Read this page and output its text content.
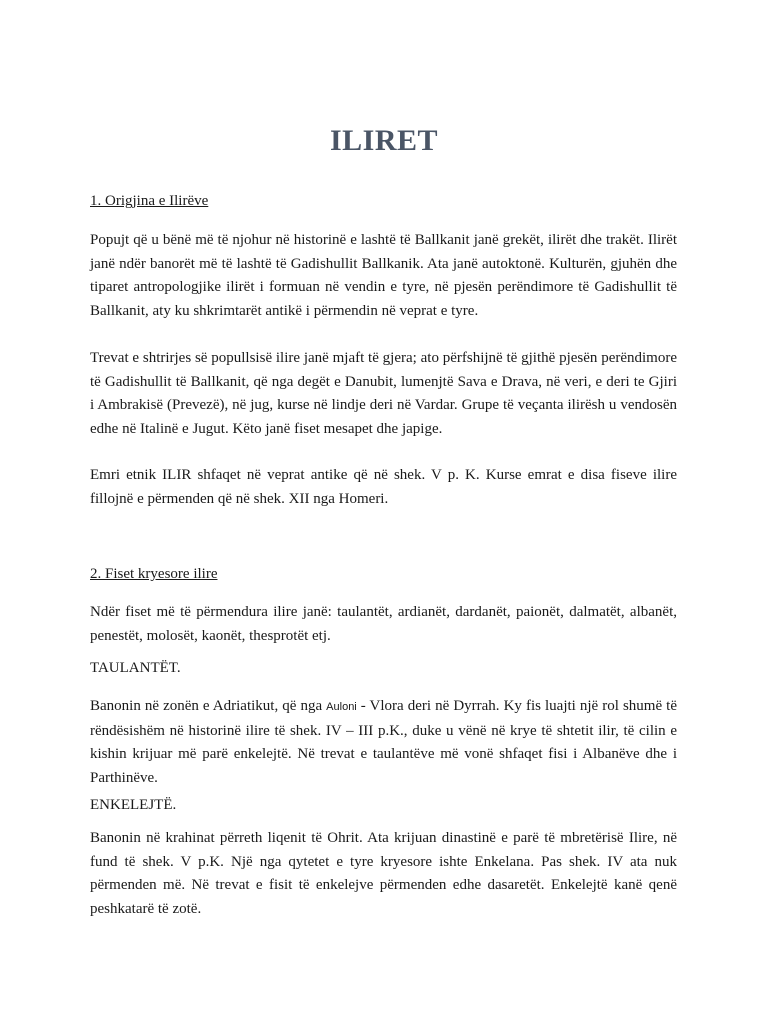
ILIRET

1. Origjina e Ilirëve

Popujt që u bënë më të njohur në historinë e lashtë të Ballkanit janë grekët, ilirët dhe trakët. Ilirët janë ndër banorët më të lashtë të Gadishullit Ballkanik. Ata janë autoktonë. Kulturën, gjuhën dhe tiparet antropologjike ilirët i formuan në vendin e tyre, në pjesën perëndimore të Gadishullit të Ballkanit, aty ku shkrimtarët antikë i përmendin në veprat e tyre.

Trevat e shtrirjes së popullsisë ilire janë mjaft të gjera; ato përfshijnë të gjithë pjesën perëndimore të Gadishullit të Ballkanit, që nga degët e Danubit, lumenjtë Sava e Drava, në veri, e deri te Gjiri i Ambrakisë (Prevezë), në jug, kurse në lindje deri në Vardar. Grupe të veçanta ilirësh u vendosën edhe në Italinë e Jugut. Këto janë fiset mesapet dhe japige.

Emri etnik ILIR shfaqet në veprat antike që në shek. V p. K. Kurse emrat e disa fiseve ilire fillojnë e përmenden që në shek. XII nga Homeri.

2. Fiset kryesore ilire

Ndër fiset më të përmendura ilire janë: taulantët, ardianët, dardanët, paionët, dalmatët, albanët, penestët, molosët, kaonët, thesprotët etj.

TAULANTËT.

Banonin në zonën e Adriatikut, që nga Auloni - Vlora deri në Dyrrah. Ky fis luajti një rol shumë të rëndësishëm në historinë ilire të shek. IV – III p.K., duke u vënë në krye të shtetit ilir, të cilin e kishin krijuar më parë enkelejtë. Në trevat e taulantëve më vonë shfaqet fisi i Albanëve dhe i Parthinëve.

ENKELEJTË.

Banonin në krahinat përreth liqenit të Ohrit. Ata krijuan dinastinë e parë të mbretërisë Ilire, në fund të shek. V p.K. Një nga qytetet e tyre kryesore ishte Enkelana. Pas shek. IV ata nuk përmenden më. Në trevat e fisit të enkelejve përmenden edhe dasaretët. Enkelejtë kanë qenë peshkatarë të zotë.
